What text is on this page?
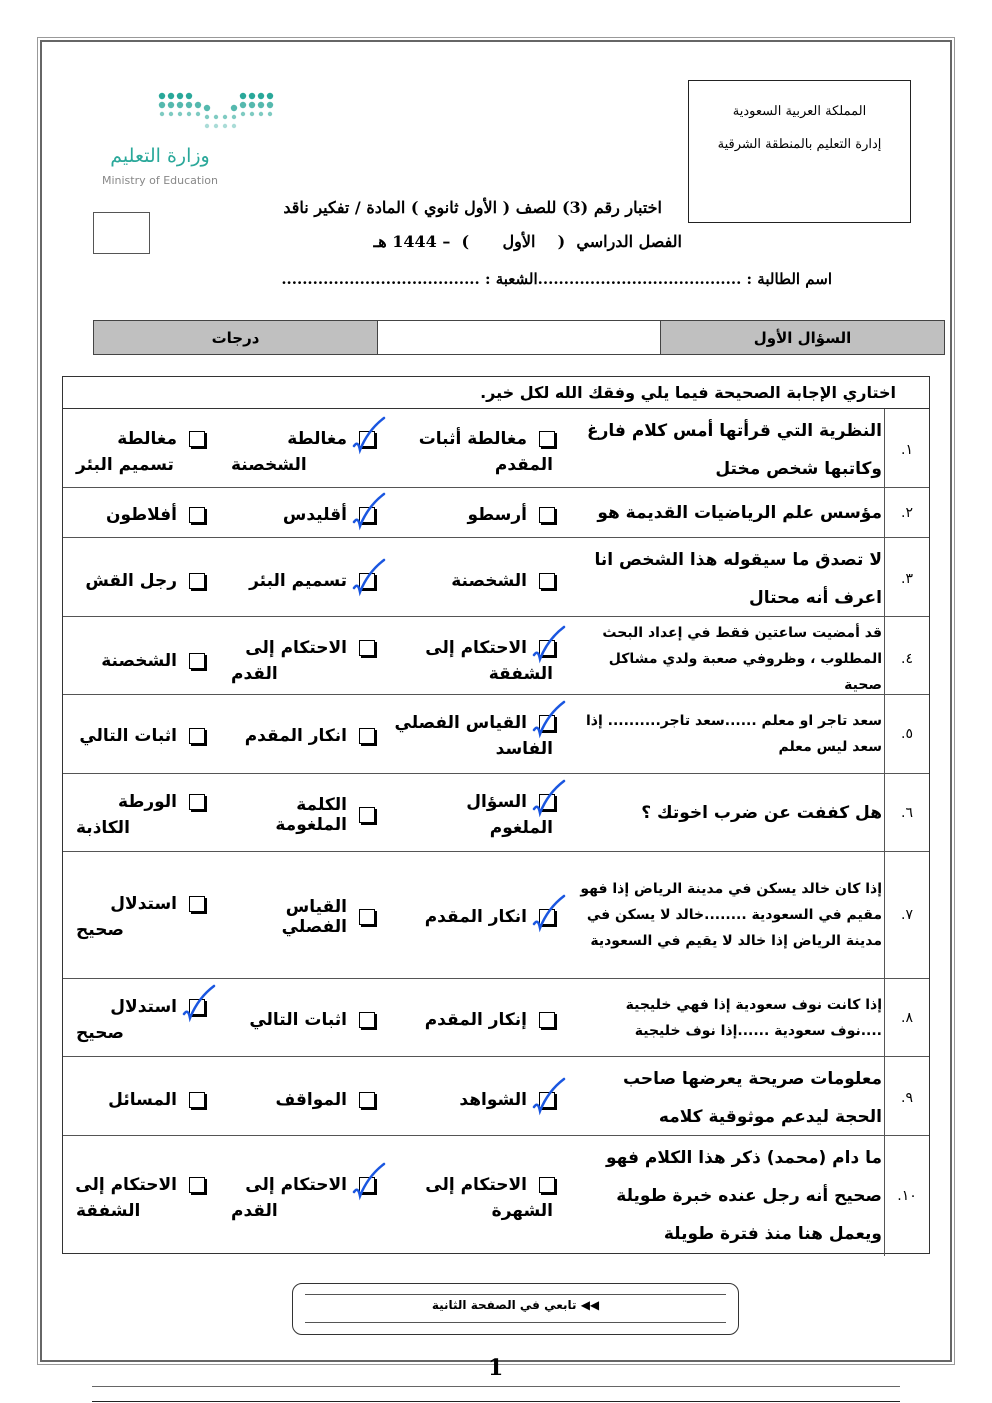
المملكة العربية السعودية
إدارة التعليم بالمنطقة الشرقية
وزارة التعليم
Ministry of Education
اختبار رقم (3) للصف ( الأول ثانوي ) المادة / تفكير ناقد
الفصل الدراسي  (    الأول      )  – 1444 هـ
اسم الطالبة : .......................................الشعبة : ......................................
السؤال الأول
درجات
اختاري الإجابة الصحيحة فيما يلي وفقك الله لكل خير.
١.
النظرية التي قرأتها أمس كلام فارغ وكاتبها شخص مختل
مغالطة أثبات
المقدم
مغالطة
الشخصنة
مغالطة
تسميم البئر
٢.
مؤسس علم الرياضيات القديمة هو
أرسطو
أقليدس
أفلاطون
٣.
لا تصدق ما سيقوله هذا الشخص انا اعرف أنه محتال
الشخصنة
تسميم البئر
رجل القش
٤.
قد أمضيت ساعتين فقط في إعداد البحث المطلوب ، وظروفي صعبة ولدي مشاكل صحية
الاحتكام إلى
الشفقة
الاحتكام إلى
القدم
الشخصنة
٥.
سعد تاجر او معلم ......سعد تاجر.......... إذا سعد ليس معلم
القياس الفصلي
الفاسد
انكار المقدم
اثبات التالي
٦.
هل كففت عن ضرب اخوتك ؟
السؤال
الملغوم
الكلمة الملغومة
الورطة
الكاذبة
٧.
إذا كان خالد يسكن في مدينة الرياض إذا فهو مقيم في السعودية ........خالد لا يسكن في مدينة الرياض إذا خالد لا يقيم في السعودية
انكار المقدم
القياس الفصلي
استدلال
صحيح
٨.
إذا كانت نوف سعودية إذا فهي خليجية ....نوف سعودية ......إذا نوف خليجية
إنكار المقدم
اثبات التالي
استدلال
صحيح
٩.
معلومات صريحة يعرضها صاحب الحجة ليدعم موثوقية كلامه
الشواهد
المواقف
المسائل
١٠.
ما دام (محمد) ذكر هذا الكلام فهو صحيح أنه رجل عنده خبرة طويلة ويعمل هنا منذ فترة طويلة
الاحتكام إلى
الشهرة
الاحتكام إلى
القدم
الاحتكام إلى
الشفقة
◀◀ تابعي في الصفحة الثانية
1
